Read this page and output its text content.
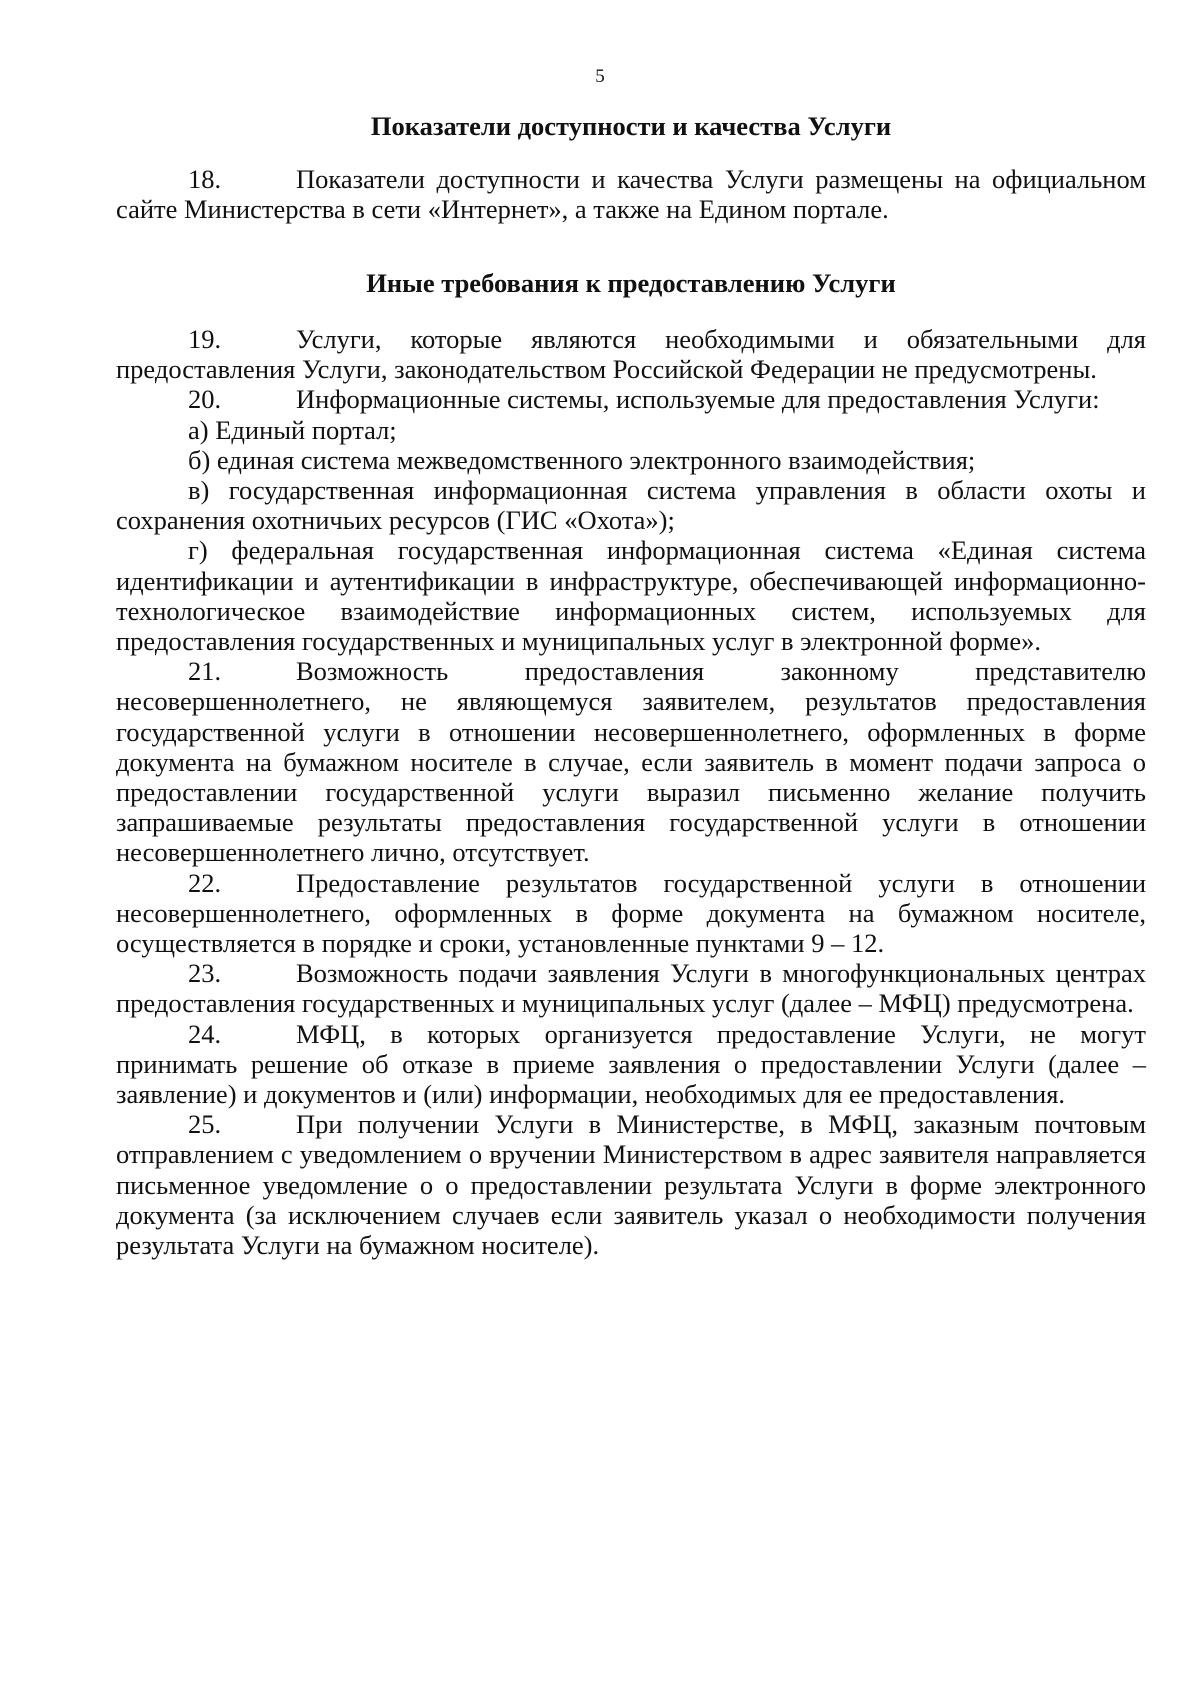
5
Показатели доступности и качества Услуги

18.	Показатели доступности и качества Услуги размещены на официальном сайте Министерства в сети «Интернет», а также на Едином портале.

Иные требования к предоставлению Услуги

19.	Услуги, которые являются необходимыми и обязательными для предоставления Услуги, законодательством Российской Федерации не предусмотрены.

20.	Информационные системы, используемые для предоставления Услуги:

а) Единый портал;

б) единая система межведомственного электронного взаимодействия;

в) государственная информационная система управления в области охоты и сохранения охотничьих ресурсов (ГИС «Охота»);

г) федеральная государственная информационная система «Единая система идентификации и аутентификации в инфраструктуре, обеспечивающей информационно-технологическое взаимодействие информационных систем, используемых для предоставления государственных и муниципальных услуг в электронной форме».

21.	Возможность предоставления законному представителю несовершеннолетнего, не являющемуся заявителем, результатов предоставления государственной услуги в отношении несовершеннолетнего, оформленных в форме документа на бумажном носителе в случае, если заявитель в момент подачи запроса о предоставлении государственной услуги выразил письменно желание получить запрашиваемые результаты предоставления государственной услуги в отношении несовершеннолетнего лично, отсутствует.

22.	Предоставление результатов государственной услуги в отношении несовершеннолетнего, оформленных в форме документа на бумажном носителе, осуществляется в порядке и сроки, установленные пунктами 9 – 12.

23.	Возможность подачи заявления Услуги в многофункциональных центрах предоставления государственных и муниципальных услуг (далее – МФЦ) предусмотрена.

24.	МФЦ, в которых организуется предоставление Услуги, не могут принимать решение об отказе в приеме заявления о предоставлении Услуги (далее – заявление) и документов и (или) информации, необходимых для ее предоставления.

25.	При получении Услуги в Министерстве, в МФЦ, заказным почтовым отправлением с уведомлением о вручении Министерством в адрес заявителя направляется письменное уведомление о о предоставлении результата Услуги в форме электронного документа (за исключением случаев если заявитель указал о необходимости получения результата Услуги на бумажном носителе).
